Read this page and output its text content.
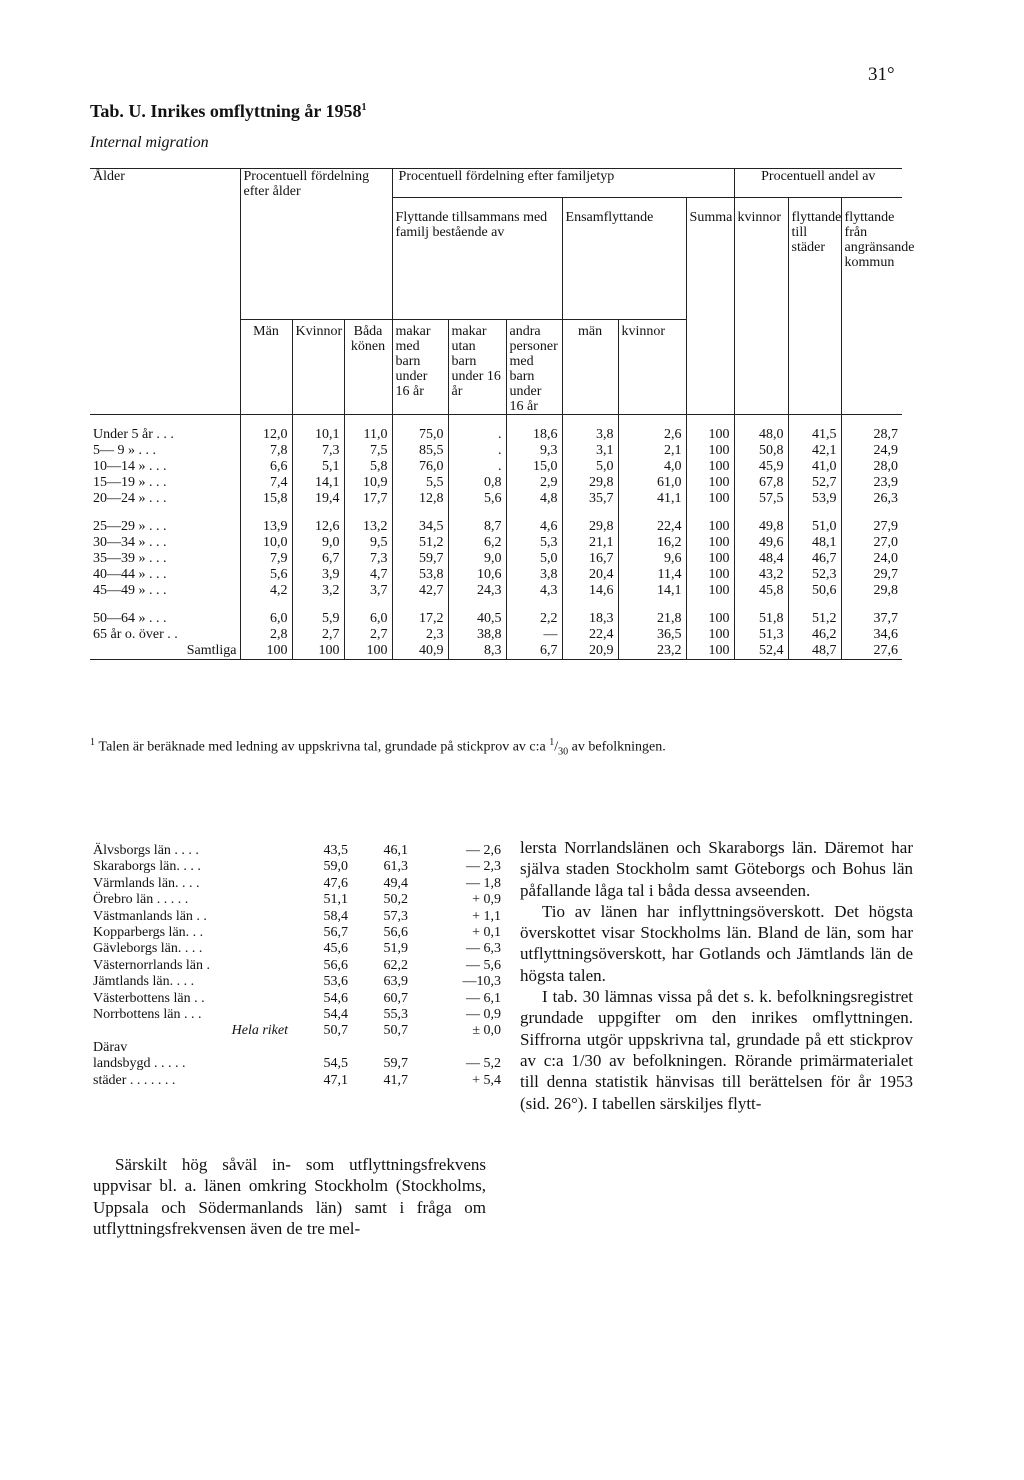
31°
Tab. U. Inrikes omflyttning år 1958$^1$
Internal migration
Ålder	Procentuell fördelning efter ålder			Procentuell fördelning efter familjetyp						Procentuell andel av		
				Flyttande tillsammans med familj bestående av			Ensamflyttande		Summa	kvinnor	flyttande till städer	flyttande från angränsande kommun
	Män	Kvinnor	Båda könen	makar med barn under 16 år	makar utan barn under 16 år	andra personer med barn under 16 år	män	kvinnor				

Under 5 år . . .	12,0	10,1	11,0	75,0	.	18,6	3,8	2,6	100	48,0	41,5	28,7
5— 9 » . . .	7,8	7,3	7,5	85,5	.	9,3	3,1	2,1	100	50,8	42,1	24,9
10—14 » . . .	6,6	5,1	5,8	76,0	.	15,0	5,0	4,0	100	45,9	41,0	28,0
15—19 » . . .	7,4	14,1	10,9	5,5	0,8	2,9	29,8	61,0	100	67,8	52,7	23,9
20—24 » . . .	15,8	19,4	17,7	12,8	5,6	4,8	35,7	41,1	100	57,5	53,9	26,3

25—29 » . . .	13,9	12,6	13,2	34,5	8,7	4,6	29,8	22,4	100	49,8	51,0	27,9
30—34 » . . .	10,0	9,0	9,5	51,2	6,2	5,3	21,1	16,2	100	49,6	48,1	27,0
35—39 » . . .	7,9	6,7	7,3	59,7	9,0	5,0	16,7	9,6	100	48,4	46,7	24,0
40—44 » . . .	5,6	3,9	4,7	53,8	10,6	3,8	20,4	11,4	100	43,2	52,3	29,7
45—49 » . . .	4,2	3,2	3,7	42,7	24,3	4,3	14,6	14,1	100	45,8	50,6	29,8

50—64 » . . .	6,0	5,9	6,0	17,2	40,5	2,2	18,3	21,8	100	51,8	51,2	37,7
65 år o. över . .	2,8	2,7	2,7	2,3	38,8	—	22,4	36,5	100	51,3	46,2	34,6
Samtliga	100	100	100	40,9	8,3	6,7	20,9	23,2	100	52,4	48,7	27,6
$^1$ Talen är beräknade med ledning av uppskrivna tal, grundade på stickprov av c:a $^1/_{30}$ av befolkningen.
Älvsborgs län . . . .	43,5	46,1	— 2,6
Skaraborgs län. . . .	59,0	61,3	— 2,3
Värmlands län. . . .	47,6	49,4	— 1,8
Örebro län . . . . .	51,1	50,2	+ 0,9
Västmanlands län . .	58,4	57,3	+ 1,1
Kopparbergs län. . .	56,7	56,6	+ 0,1
Gävleborgs län. . . .	45,6	51,9	— 6,3
Västernorrlands län .	56,6	62,2	— 5,6
Jämtlands län. . . .	53,6	63,9	—10,3
Västerbottens län . .	54,6	60,7	— 6,1
Norrbottens län . . .	54,4	55,3	— 0,9
Hela riket	50,7	50,7	± 0,0
Därav			
landsbygd . . . . .	54,5	59,7	— 5,2
städer . . . . . . .	47,1	41,7	+ 5,4

Särskilt hög såväl in- som utflyttningsfrekvens uppvisar bl. a. länen omkring Stockholm (Stockholms, Uppsala och Södermanlands län) samt i fråga om utflyttningsfrekvensen även de tre mel-

lersta Norrlandslänen och Skaraborgs län. Däremot har själva staden Stockholm samt Göteborgs och Bohus län påfallande låga tal i båda dessa avseenden.

Tio av länen har inflyttningsöverskott. Det högsta överskottet visar Stockholms län. Bland de län, som har utflyttningsöverskott, har Gotlands och Jämtlands län de högsta talen.

I tab. 30 lämnas vissa på det s. k. befolkningsregistret grundade uppgifter om den inrikes omflyttningen. Siffrorna utgör uppskrivna tal, grundade på ett stickprov av c:a 1/30 av befolkningen. Rörande primärmaterialet till denna statistik hänvisas till berättelsen för år 1953 (sid. 26°). I tabellen särskiljes flytt-
